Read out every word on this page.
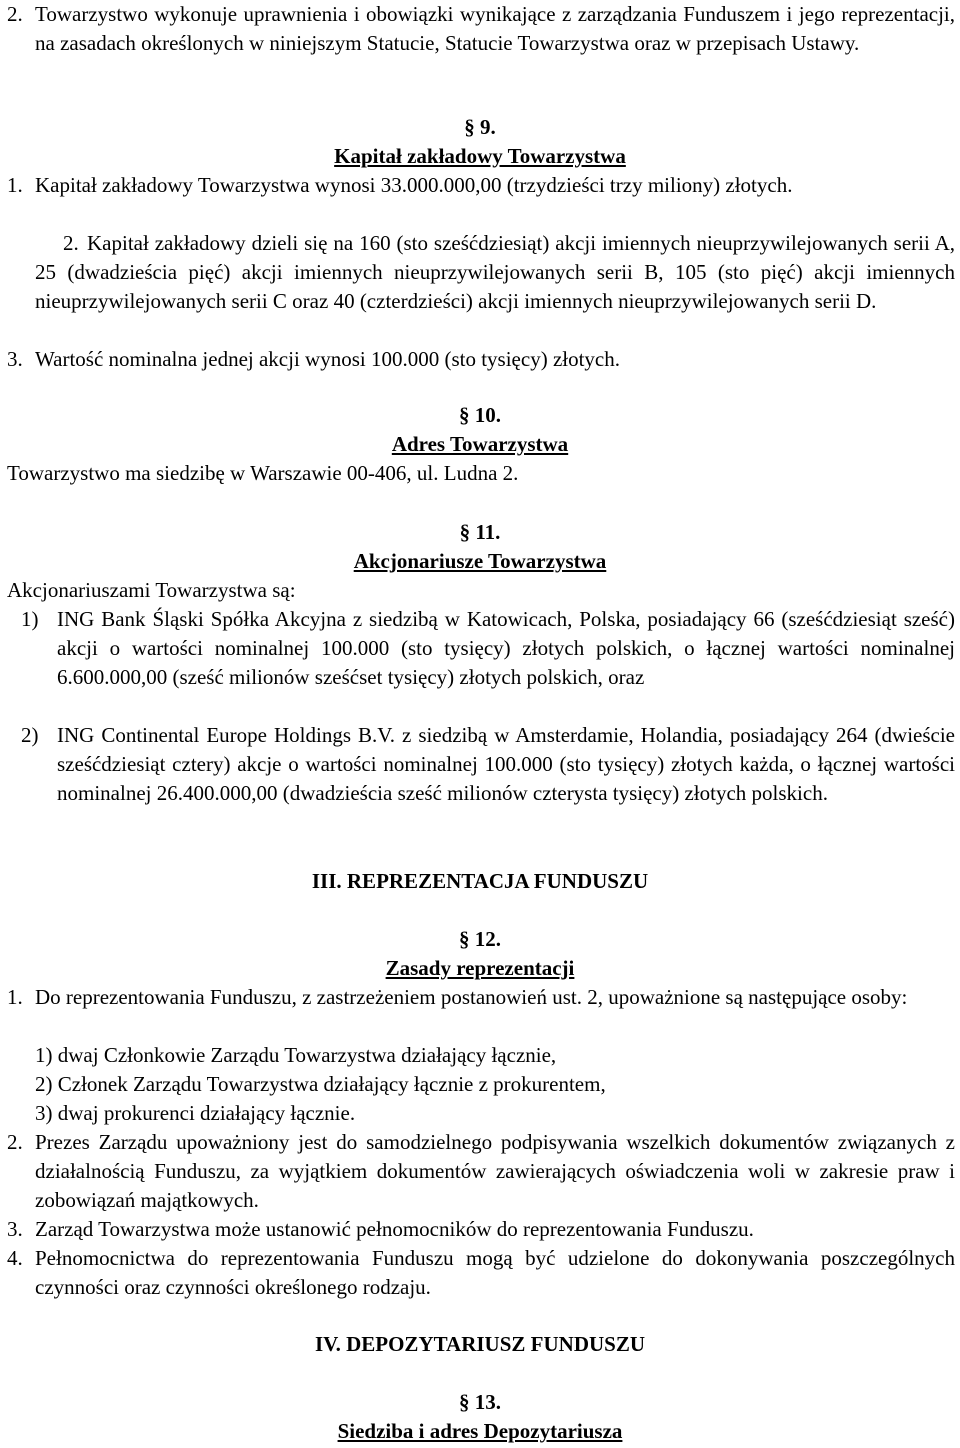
2. Towarzystwo wykonuje uprawnienia i obowiązki wynikające z zarządzania Funduszem i jego reprezentacji, na zasadach określonych w niniejszym Statucie, Statucie Towarzystwa oraz w przepisach Ustawy.
§ 9.
Kapitał zakładowy Towarzystwa
1. Kapitał zakładowy Towarzystwa wynosi 33.000.000,00 (trzydzieści trzy miliony) złotych.
2. Kapitał zakładowy dzieli się na 160 (sto sześćdziesiąt) akcji imiennych nieuprzywilejowanych serii A, 25 (dwadzieścia pięć) akcji imiennych nieuprzywilejowanych serii B, 105 (sto pięć) akcji imiennych nieuprzywilejowanych serii C oraz 40 (czterdzieści) akcji imiennych nieuprzywilejowanych serii D.
3. Wartość nominalna jednej akcji wynosi 100.000 (sto tysięcy) złotych.
§ 10.
Adres Towarzystwa
Towarzystwo ma siedzibę w Warszawie 00-406, ul. Ludna 2.
§ 11.
Akcjonariusze Towarzystwa
Akcjonariuszami Towarzystwa są:
1) ING Bank Śląski Spółka Akcyjna z siedzibą w Katowicach, Polska, posiadający 66 (sześćdziesiąt sześć) akcji o wartości nominalnej 100.000 (sto tysięcy) złotych polskich, o łącznej wartości nominalnej 6.600.000,00 (sześć milionów sześćset tysięcy) złotych polskich, oraz
2) ING Continental Europe Holdings B.V. z siedzibą w Amsterdamie, Holandia, posiadający 264 (dwieście sześćdziesiąt cztery) akcje o wartości nominalnej 100.000 (sto tysięcy) złotych każda, o łącznej wartości nominalnej 26.400.000,00 (dwadzieścia sześć milionów czterysta tysięcy) złotych polskich.
III. REPREZENTACJA FUNDUSZU
§ 12.
Zasady reprezentacji
1. Do reprezentowania Funduszu, z zastrzeżeniem postanowień ust. 2, upoważnione są następujące osoby:
1) dwaj Członkowie Zarządu Towarzystwa działający łącznie,
2) Członek Zarządu Towarzystwa działający łącznie z prokurentem,
3) dwaj prokurenci działający łącznie.
2. Prezes Zarządu upoważniony jest do samodzielnego podpisywania wszelkich dokumentów związanych z działalnością Funduszu, za wyjątkiem dokumentów zawierających oświadczenia woli w zakresie praw i zobowiązań majątkowych.
3. Zarząd Towarzystwa może ustanowić pełnomocników do reprezentowania Funduszu.
4. Pełnomocnictwa do reprezentowania Funduszu mogą być udzielone do dokonywania poszczególnych czynności oraz czynności określonego rodzaju.
IV. DEPOZYTARIUSZ FUNDUSZU
§ 13.
Siedziba i adres Depozytariusza
